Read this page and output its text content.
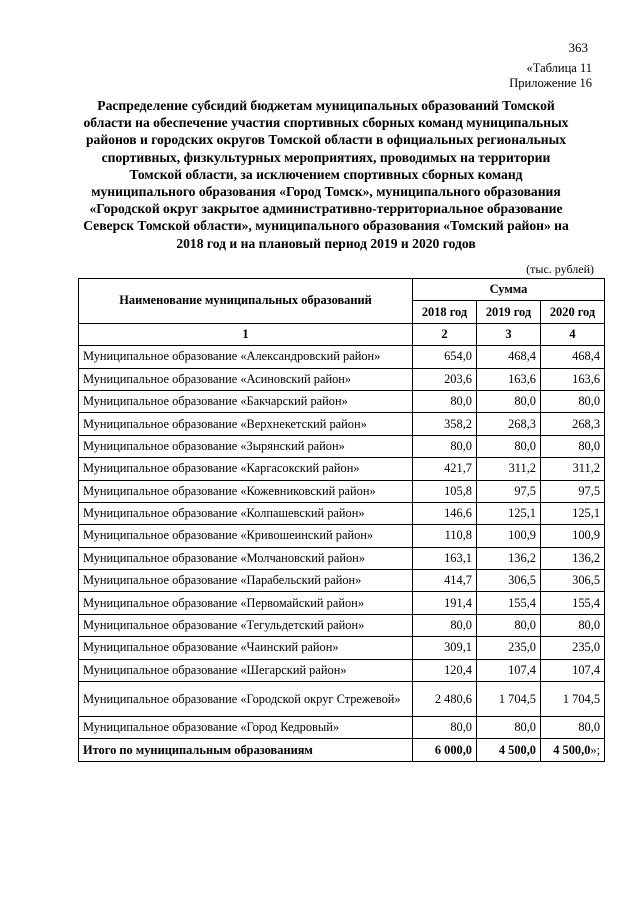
363
«Таблица 11
Приложение 16
Распределение субсидий бюджетам муниципальных образований Томской области на обеспечение участия спортивных сборных команд муниципальных районов и городских округов Томской области в официальных региональных спортивных, физкультурных мероприятиях, проводимых на территории Томской области, за исключением спортивных сборных команд муниципального образования «Город Томск», муниципального образования «Городской округ закрытое административно-территориальное образование Северск Томской области», муниципального образования «Томский район» на 2018 год и на плановый период 2019 и 2020 годов
(тыс. рублей)
Наименование муниципальных образований	Сумма		
	2018 год	2019 год	2020 год
1	2	3	4
Муниципальное образование «Александровский район»	654,0	468,4	468,4
Муниципальное образование «Асиновский район»	203,6	163,6	163,6
Муниципальное образование «Бакчарский район»	80,0	80,0	80,0
Муниципальное образование «Верхнекетский район»	358,2	268,3	268,3
Муниципальное образование «Зырянский район»	80,0	80,0	80,0
Муниципальное образование «Каргасокский район»	421,7	311,2	311,2
Муниципальное образование «Кожевниковский район»	105,8	97,5	97,5
Муниципальное образование «Колпашевский район»	146,6	125,1	125,1
Муниципальное образование «Кривошеинский район»	110,8	100,9	100,9
Муниципальное образование «Молчановский район»	163,1	136,2	136,2
Муниципальное образование «Парабельский район»	414,7	306,5	306,5
Муниципальное образование «Первомайский район»	191,4	155,4	155,4
Муниципальное образование «Тегульдетский район»	80,0	80,0	80,0
Муниципальное образование «Чаинский район»	309,1	235,0	235,0
Муниципальное образование «Шегарский район»	120,4	107,4	107,4
Муниципальное образование «Городской округ Стрежевой»	2 480,6	1 704,5	1 704,5
Муниципальное образование «Город Кедровый»	80,0	80,0	80,0
Итого по муниципальным образованиям	6 000,0	4 500,0	4 500,0»;
